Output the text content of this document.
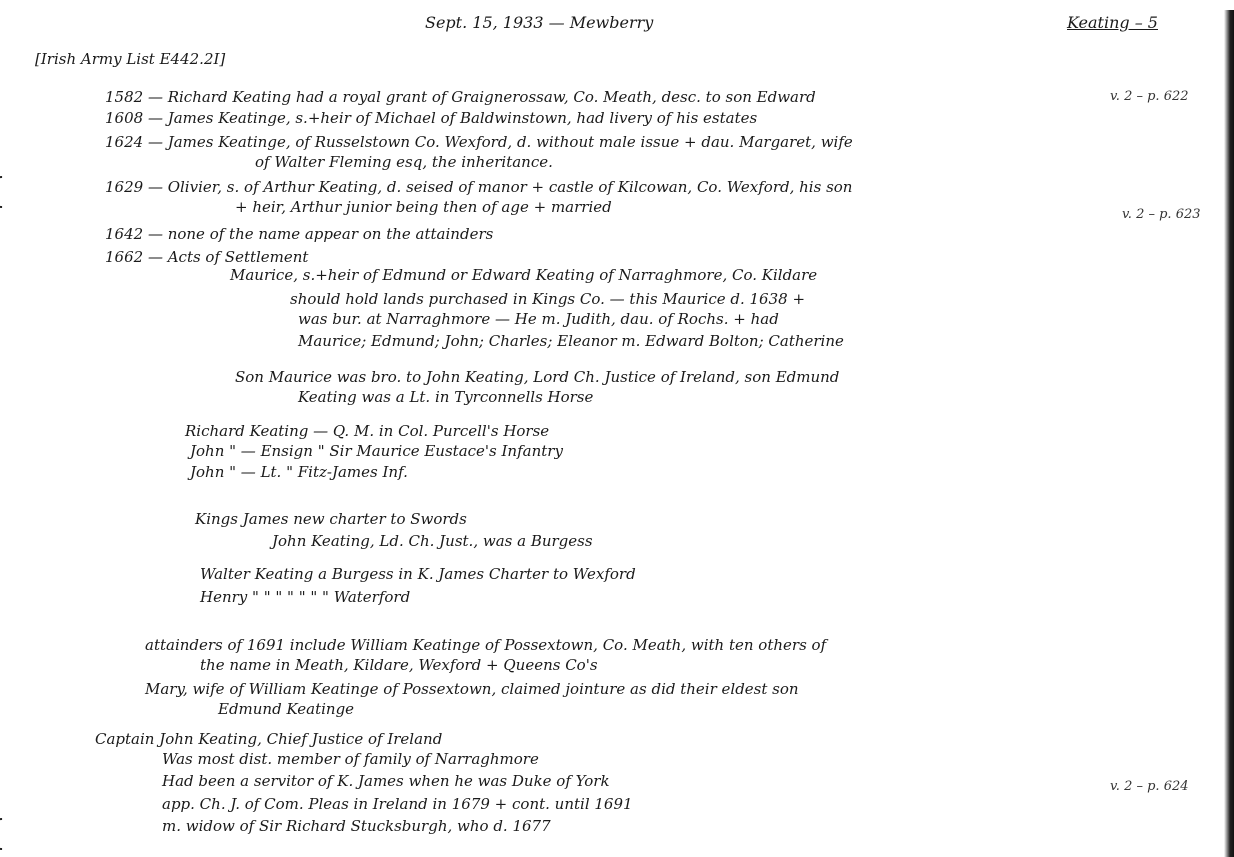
Sept. 15, 1933 — Mewberry	Keating – 5
[Irish Army List E442.2I]
1582 — Richard Keating had a royal grant of Graignerossaw, Co. Meath, desc. to son Edward	v. 2 – p. 622
1608 — James Keatinge, s.+heir of Michael of Baldwinstown, had livery of his estates
1624 — James Keatinge, of Russelstown Co. Wexford, d. without male issue + dau. Margaret, wife
of Walter Fleming esq, the inheritance.
1629 — Olivier, s. of Arthur Keating, d. seised of manor + castle of Kilcowan, Co. Wexford, his son
+ heir, Arthur junior being then of age + married	v. 2 – p. 623
1642 — none of the name appear on the attainders
1662 — Acts of Settlement
Maurice, s.+heir of Edmund or Edward Keating of Narraghmore, Co. Kildare
should hold lands purchased in Kings Co. — this Maurice d. 1638 +
was bur. at Narraghmore — He m. Judith, dau. of Rochs. + had
Maurice; Edmund; John; Charles; Eleanor m. Edward Bolton; Catherine
Son Maurice was bro. to John Keating, Lord Ch. Justice of Ireland, son Edmund
Keating was a Lt. in Tyrconnells Horse
Richard Keating — Q. M. in Col. Purcell's Horse
John " — Ensign " Sir Maurice Eustace's Infantry
John " — Lt. " Fitz-James Inf.
Kings James new charter to Swords
John Keating, Ld. Ch. Just., was a Burgess
Walter Keating a Burgess in K. James Charter to Wexford
Henry " " " " " " " Waterford
attainders of 1691 include William Keatinge of Possextown, Co. Meath, with ten others of
the name in Meath, Kildare, Wexford + Queens Co's
Mary, wife of William Keatinge of Possextown, claimed jointure as did their eldest son
Edmund Keatinge
Captain John Keating, Chief Justice of Ireland
Was most dist. member of family of Narraghmore
Had been a servitor of K. James when he was Duke of York	v. 2 – p. 624
app. Ch. J. of Com. Pleas in Ireland in 1679 + cont. until 1691
m. widow of Sir Richard Stucksburgh, who d. 1677
